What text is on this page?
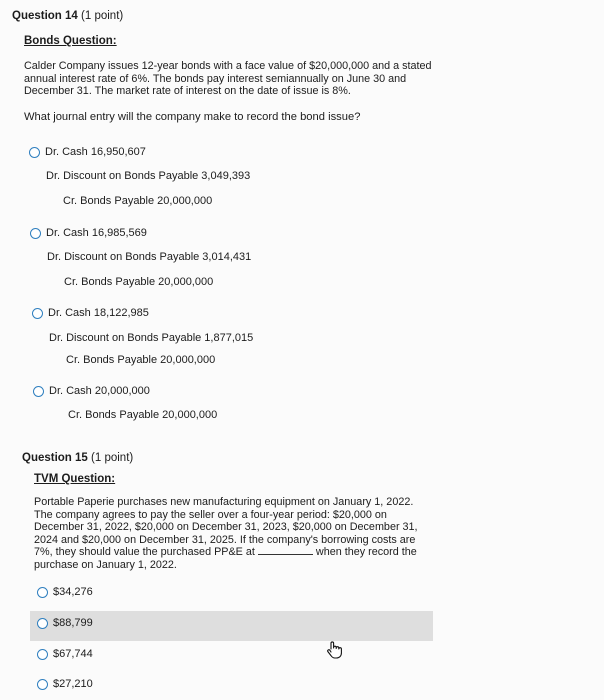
Question 14 (1 point)
Bonds Question:
Calder Company issues 12-year bonds with a face value of $20,000,000 and a stated annual interest rate of 6%. The bonds pay interest semiannually on June 30 and December 31. The market rate of interest on the date of issue is 8%.
What journal entry will the company make to record the bond issue?
Dr. Cash 16,950,607
Dr. Discount on Bonds Payable 3,049,393
Cr. Bonds Payable 20,000,000
Dr. Cash 16,985,569
Dr. Discount on Bonds Payable 3,014,431
Cr. Bonds Payable 20,000,000
Dr. Cash 18,122,985
Dr. Discount on Bonds Payable 1,877,015
Cr. Bonds Payable 20,000,000
Dr. Cash 20,000,000
Cr. Bonds Payable 20,000,000
Question 15 (1 point)
TVM Question:
Portable Paperie purchases new manufacturing equipment on January 1, 2022. The company agrees to pay the seller over a four-year period: $20,000 on December 31, 2022, $20,000 on December 31, 2023, $20,000 on December 31, 2024 and $20,000 on December 31, 2025. If the company's borrowing costs are 7%, they should value the purchased PP&E at	when they record the purchase on January 1, 2022.
$34,276
$88,799
$67,744
$27,210
